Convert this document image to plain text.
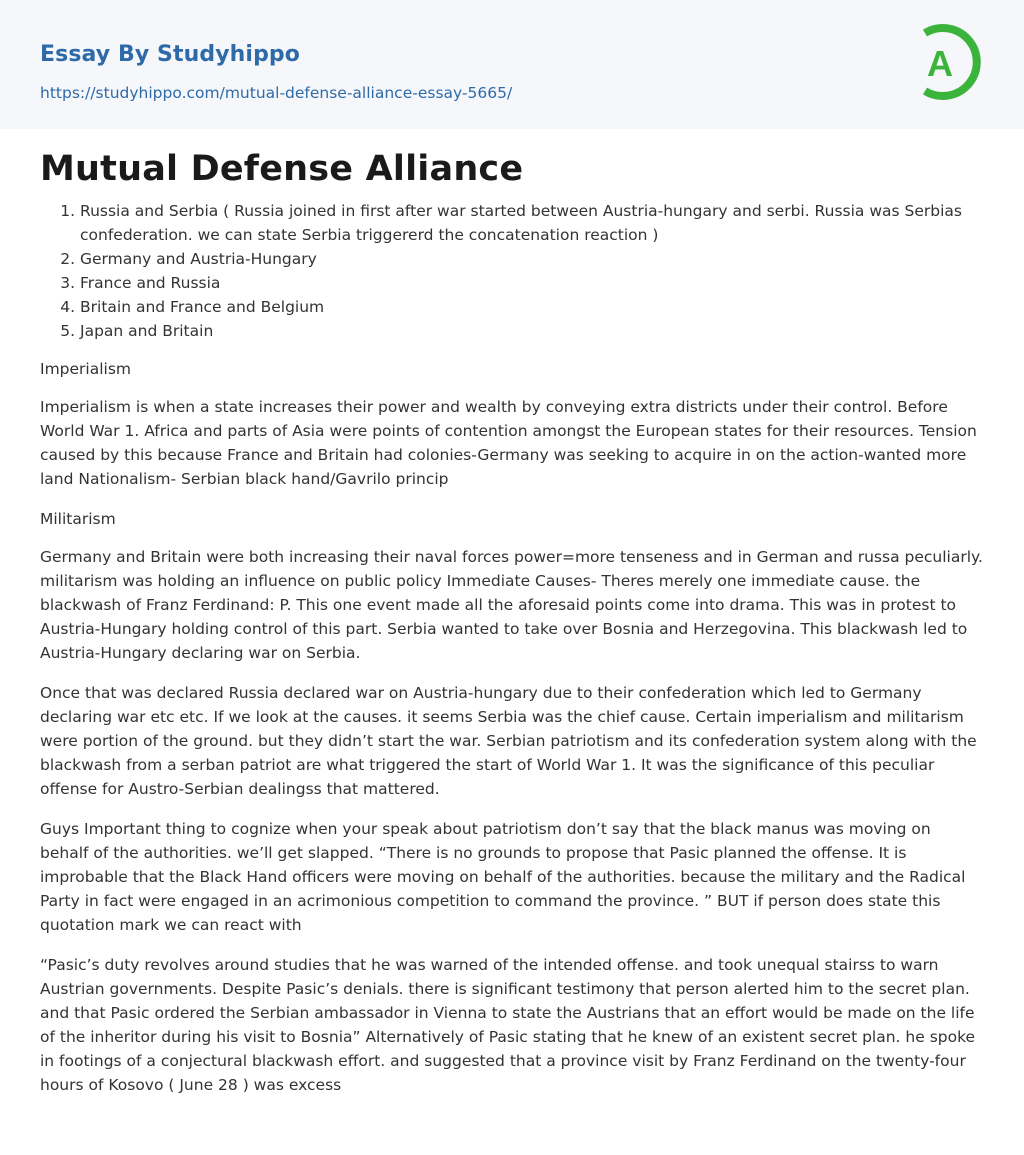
Essay By Studyhippo
https://studyhippo.com/mutual-defense-alliance-essay-5665/
A
Mutual Defense Alliance
1. Russia and Serbia ( Russia joined in first after war started between Austria-hungary and serbi. Russia was Serbias confederation. we can state Serbia triggererd the concatenation reaction )
2. Germany and Austria-Hungary
3. France and Russia
4. Britain and France and Belgium
5. Japan and Britain

Imperialism

Imperialism is when a state increases their power and wealth by conveying extra districts under their control. Before World War 1. Africa and parts of Asia were points of contention amongst the European states for their resources. Tension caused by this because France and Britain had colonies-Germany was seeking to acquire in on the action-wanted more land Nationalism- Serbian black hand/Gavrilo princip

Militarism

Germany and Britain were both increasing their naval forces power=more tenseness and in German and russa peculiarly. militarism was holding an influence on public policy Immediate Causes- Theres merely one immediate cause. the blackwash of Franz Ferdinand: P. This one event made all the aforesaid points come into drama. This was in protest to Austria-Hungary holding control of this part. Serbia wanted to take over Bosnia and Herzegovina. This blackwash led to Austria-Hungary declaring war on Serbia.

Once that was declared Russia declared war on Austria-hungary due to their confederation which led to Germany declaring war etc etc. If we look at the causes. it seems Serbia was the chief cause. Certain imperialism and militarism were portion of the ground. but they didn’t start the war. Serbian patriotism and its confederation system along with the blackwash from a serban patriot are what triggered the start of World War 1. It was the significance of this peculiar offense for Austro-Serbian dealingss that mattered.

Guys Important thing to cognize when your speak about patriotism don’t say that the black manus was moving on behalf of the authorities. we’ll get slapped. “There is no grounds to propose that Pasic planned the offense. It is improbable that the Black Hand officers were moving on behalf of the authorities. because the military and the Radical Party in fact were engaged in an acrimonious competition to command the province. ” BUT if person does state this quotation mark we can react with

“Pasic’s duty revolves around studies that he was warned of the intended offense. and took unequal stairss to warn Austrian governments. Despite Pasic’s denials. there is significant testimony that person alerted him to the secret plan. and that Pasic ordered the Serbian ambassador in Vienna to state the Austrians that an effort would be made on the life of the inheritor during his visit to Bosnia” Alternatively of Pasic stating that he knew of an existent secret plan. he spoke in footings of a conjectural blackwash effort. and suggested that a province visit by Franz Ferdinand on the twenty-four hours of Kosovo ( June 28 ) was excess
